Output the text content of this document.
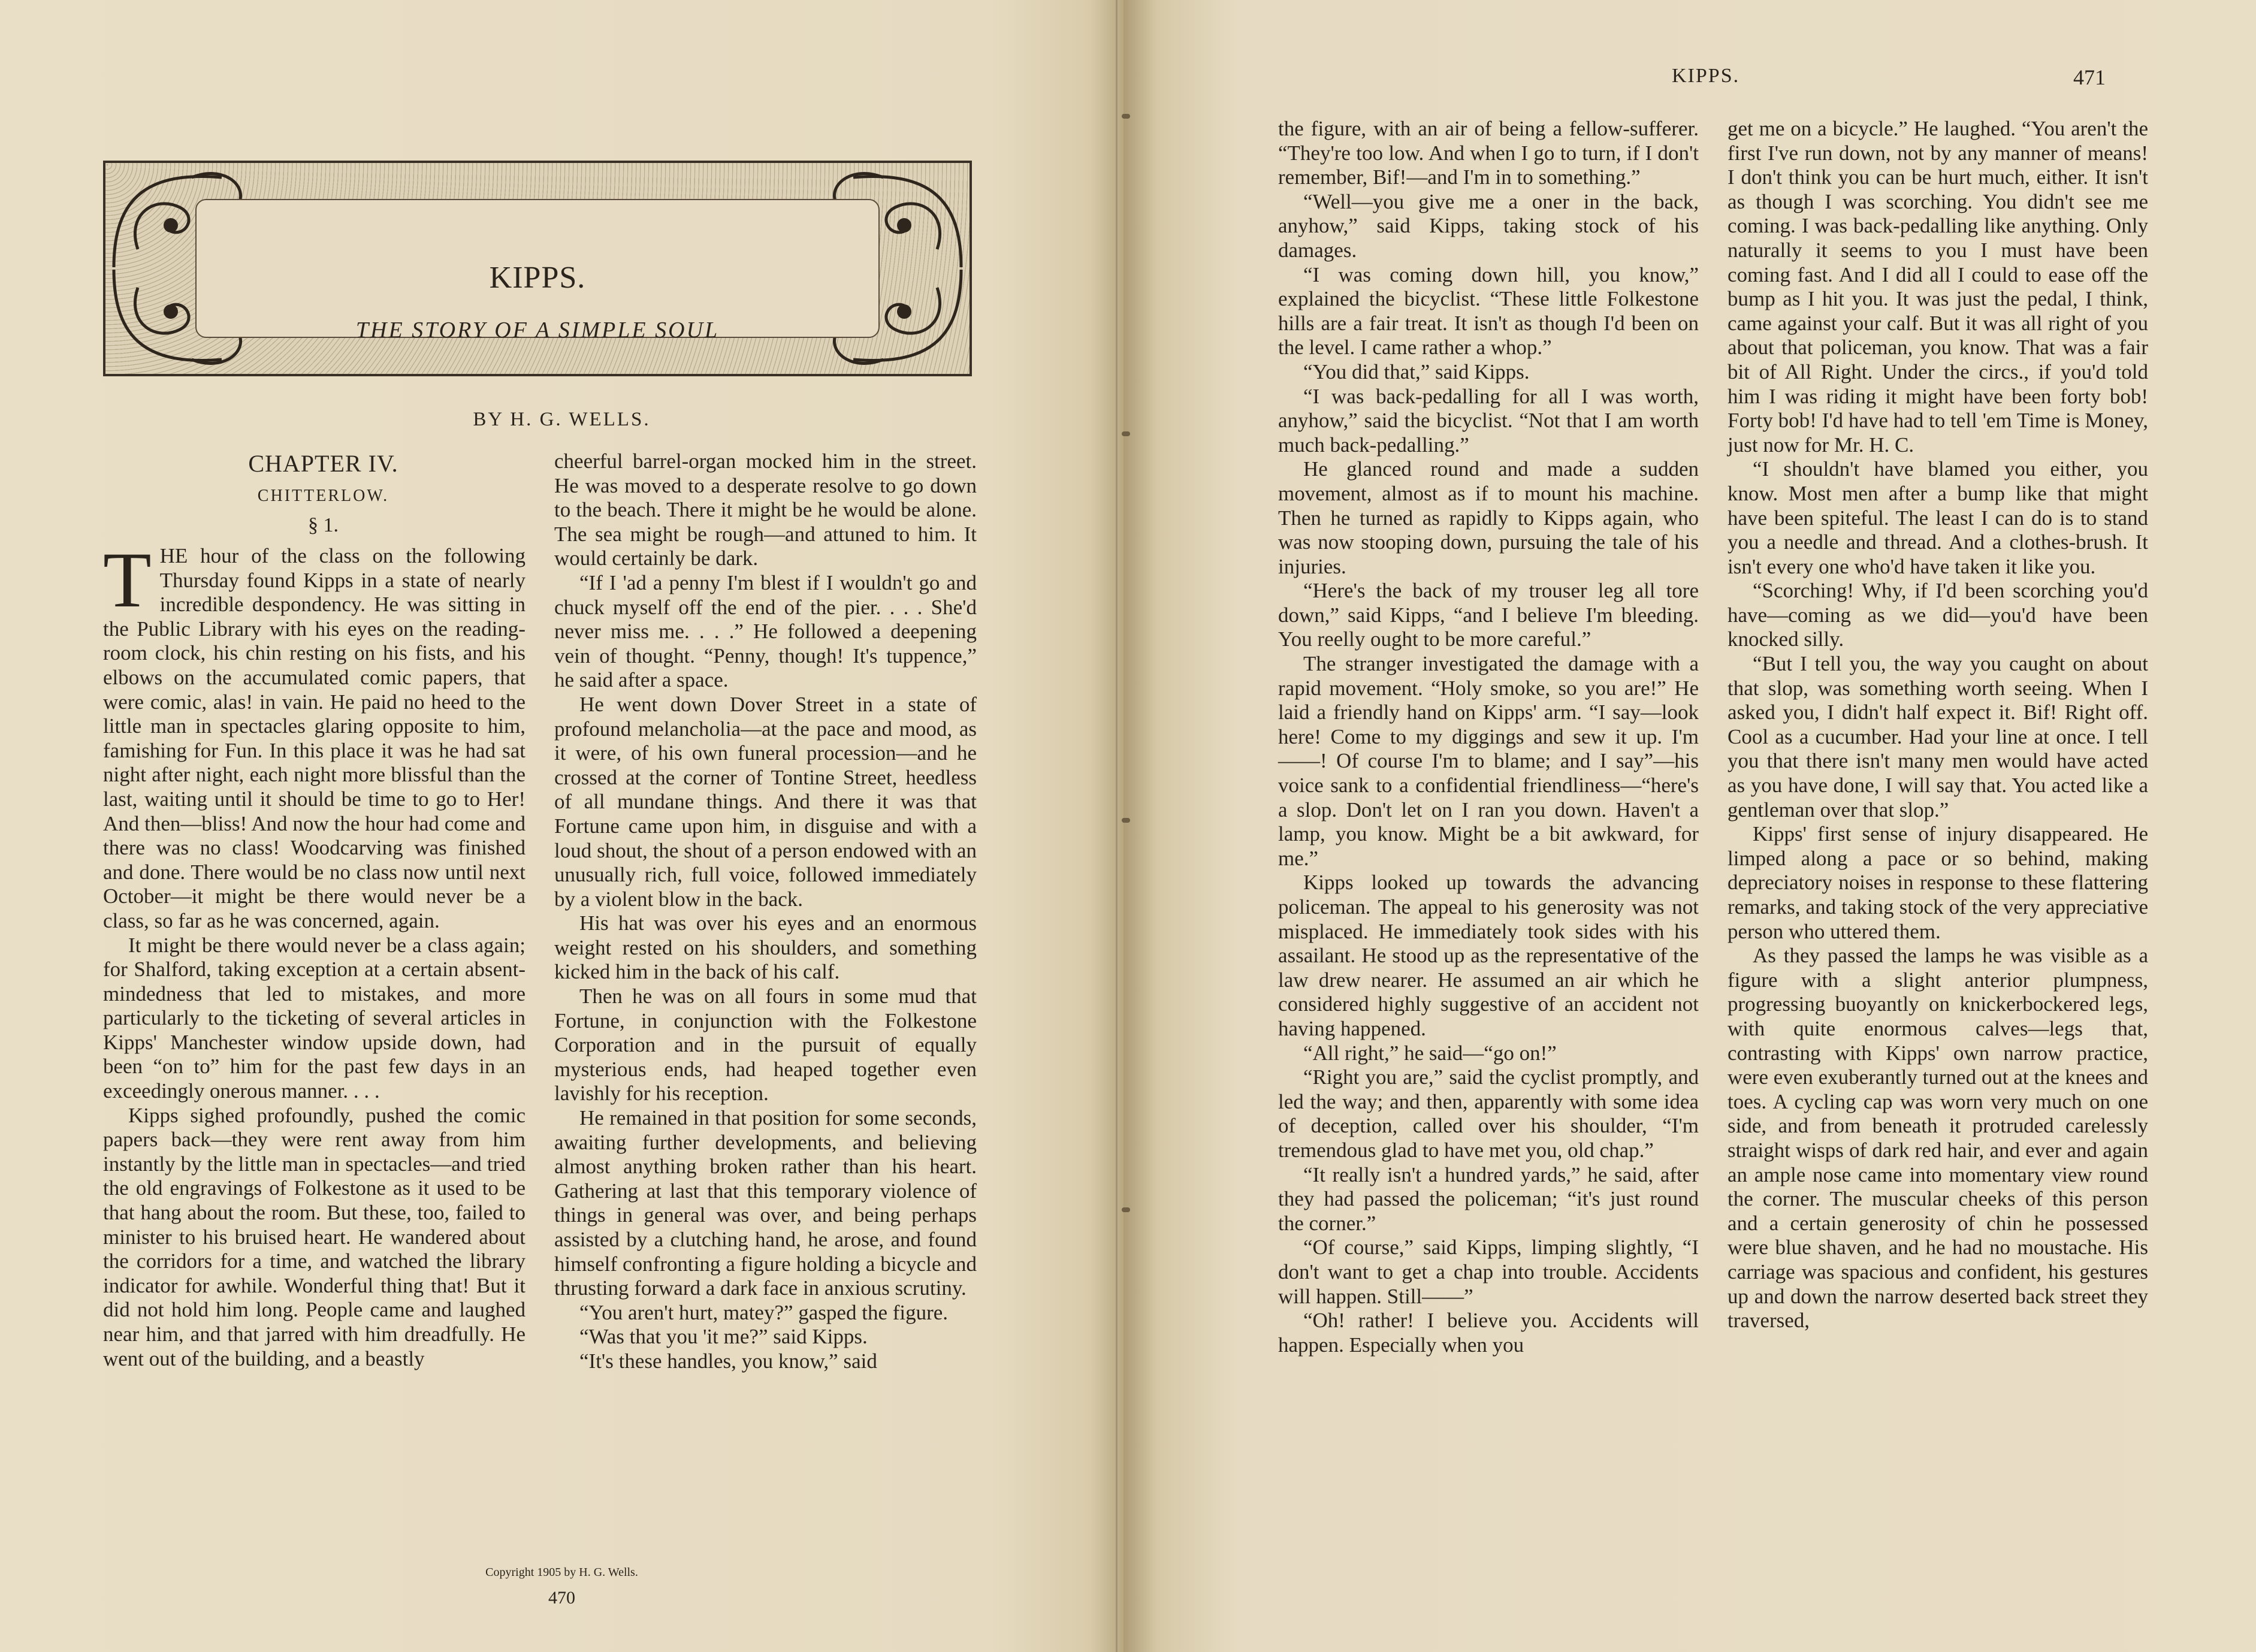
KIPPS.
THE STORY OF A SIMPLE SOUL
BY H. G. WELLS.
CHAPTER IV.
CHITTERLOW.
§ 1.

THE hour of the class on the following Thursday found Kipps in a state of nearly incredible despondency. He was sitting in the Public Library with his eyes on the reading-room clock, his chin resting on his fists, and his elbows on the accumulated comic papers, that were comic, alas! in vain. He paid no heed to the little man in spectacles glaring opposite to him, famishing for Fun. In this place it was he had sat night after night, each night more blissful than the last, waiting until it should be time to go to Her! And then—bliss! And now the hour had come and there was no class! Woodcarving was finished and done. There would be no class now until next October—it might be there would never be a class, so far as he was concerned, again.

It might be there would never be a class again; for Shalford, taking exception at a certain absent-mindedness that led to mistakes, and more particularly to the ticketing of several articles in Kipps' Manchester window upside down, had been “on to” him for the past few days in an exceedingly onerous manner. . . .

Kipps sighed profoundly, pushed the comic papers back—they were rent away from him instantly by the little man in spectacles—and tried the old engravings of Folkestone as it used to be that hang about the room. But these, too, failed to minister to his bruised heart. He wandered about the corridors for a time, and watched the library indicator for awhile. Wonderful thing that! But it did not hold him long. People came and laughed near him, and that jarred with him dreadfully. He went out of the building, and a beastly

cheerful barrel-organ mocked him in the street. He was moved to a desperate resolve to go down to the beach. There it might be he would be alone. The sea might be rough—and attuned to him. It would certainly be dark.

“If I 'ad a penny I'm blest if I wouldn't go and chuck myself off the end of the pier. . . . She'd never miss me. . . .” He followed a deepening vein of thought. “Penny, though! It's tuppence,” he said after a space.

He went down Dover Street in a state of profound melancholia—at the pace and mood, as it were, of his own funeral procession—and he crossed at the corner of Tontine Street, heedless of all mundane things. And there it was that Fortune came upon him, in disguise and with a loud shout, the shout of a person endowed with an unusually rich, full voice, followed immediately by a violent blow in the back.

His hat was over his eyes and an enormous weight rested on his shoulders, and something kicked him in the back of his calf.

Then he was on all fours in some mud that Fortune, in conjunction with the Folkestone Corporation and in the pursuit of equally mysterious ends, had heaped together even lavishly for his reception.

He remained in that position for some seconds, awaiting further developments, and believing almost anything broken rather than his heart. Gathering at last that this temporary violence of things in general was over, and being perhaps assisted by a clutching hand, he arose, and found himself confronting a figure holding a bicycle and thrusting forward a dark face in anxious scrutiny.

“You aren't hurt, matey?” gasped the figure.

“Was that you 'it me?” said Kipps.

“It's these handles, you know,” said

Copyright 1905 by H. G. Wells.
470
KIPPS.	471

the figure, with an air of being a fellow-sufferer. “They're too low. And when I go to turn, if I don't remember, Bif!—and I'm in to something.”

“Well—you give me a oner in the back, anyhow,” said Kipps, taking stock of his damages.

“I was coming down hill, you know,” explained the bicyclist. “These little Folkestone hills are a fair treat. It isn't as though I'd been on the level. I came rather a whop.”

“You did that,” said Kipps.

“I was back-pedalling for all I was worth, anyhow,” said the bicyclist. “Not that I am worth much back-pedalling.”

He glanced round and made a sudden movement, almost as if to mount his machine. Then he turned as rapidly to Kipps again, who was now stooping down, pursuing the tale of his injuries.

“Here's the back of my trouser leg all tore down,” said Kipps, “and I believe I'm bleeding. You reelly ought to be more careful.”

The stranger investigated the damage with a rapid movement. “Holy smoke, so you are!” He laid a friendly hand on Kipps' arm. “I say—look here! Come to my diggings and sew it up. I'm——! Of course I'm to blame; and I say”—his voice sank to a confidential friendliness—“here's a slop. Don't let on I ran you down. Haven't a lamp, you know. Might be a bit awkward, for me.”

Kipps looked up towards the advancing policeman. The appeal to his generosity was not misplaced. He immediately took sides with his assailant. He stood up as the representative of the law drew nearer. He assumed an air which he considered highly suggestive of an accident not having happened.

“All right,” he said—“go on!”

“Right you are,” said the cyclist promptly, and led the way; and then, apparently with some idea of deception, called over his shoulder, “I'm tremendous glad to have met you, old chap.”

“It really isn't a hundred yards,” he said, after they had passed the policeman; “it's just round the corner.”

“Of course,” said Kipps, limping slightly, “I don't want to get a chap into trouble. Accidents will happen. Still——”

“Oh! rather! I believe you. Accidents will happen. Especially when you

get me on a bicycle.” He laughed. “You aren't the first I've run down, not by any manner of means! I don't think you can be hurt much, either. It isn't as though I was scorching. You didn't see me coming. I was back-pedalling like anything. Only naturally it seems to you I must have been coming fast. And I did all I could to ease off the bump as I hit you. It was just the pedal, I think, came against your calf. But it was all right of you about that policeman, you know. That was a fair bit of All Right. Under the circs., if you'd told him I was riding it might have been forty bob! Forty bob! I'd have had to tell 'em Time is Money, just now for Mr. H. C.

“I shouldn't have blamed you either, you know. Most men after a bump like that might have been spiteful. The least I can do is to stand you a needle and thread. And a clothes-brush. It isn't every one who'd have taken it like you.

“Scorching! Why, if I'd been scorching you'd have—coming as we did—you'd have been knocked silly.

“But I tell you, the way you caught on about that slop, was something worth seeing. When I asked you, I didn't half expect it. Bif! Right off. Cool as a cucumber. Had your line at once. I tell you that there isn't many men would have acted as you have done, I will say that. You acted like a gentleman over that slop.”

Kipps' first sense of injury disappeared. He limped along a pace or so behind, making depreciatory noises in response to these flattering remarks, and taking stock of the very appreciative person who uttered them.

As they passed the lamps he was visible as a figure with a slight anterior plumpness, progressing buoyantly on knickerbockered legs, with quite enormous calves—legs that, contrasting with Kipps' own narrow practice, were even exuberantly turned out at the knees and toes. A cycling cap was worn very much on one side, and from beneath it protruded carelessly straight wisps of dark red hair, and ever and again an ample nose came into momentary view round the corner. The muscular cheeks of this person and a certain generosity of chin he possessed were blue shaven, and he had no moustache. His carriage was spacious and confident, his gestures up and down the narrow deserted back street they traversed,
